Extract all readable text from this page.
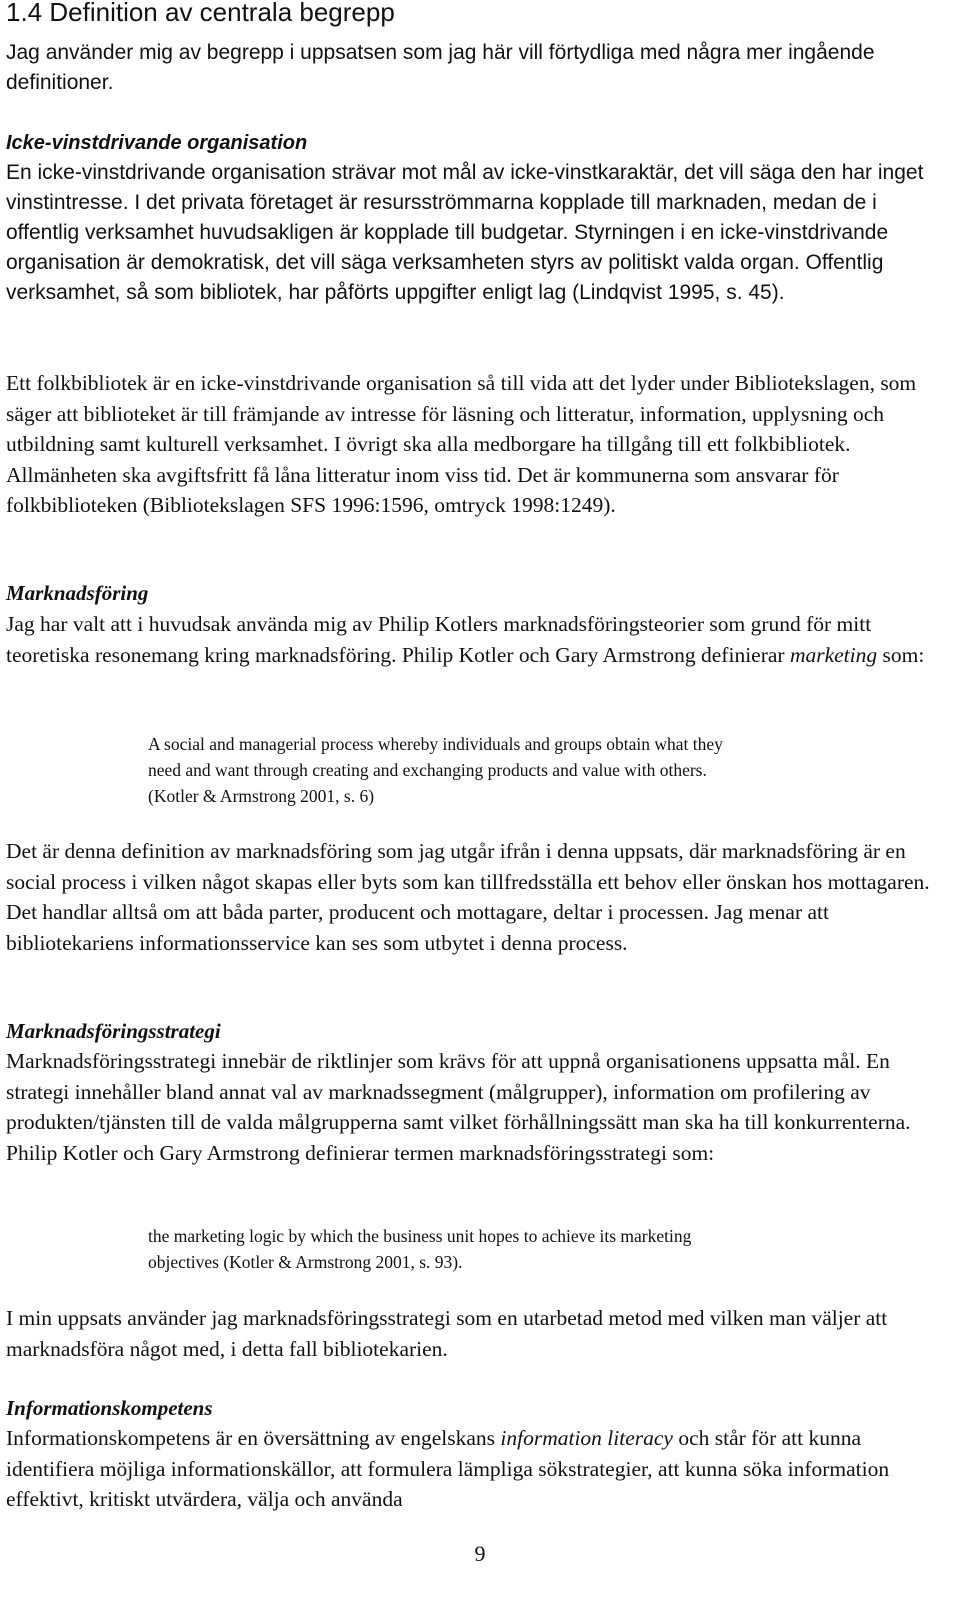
1.4 Definition av centrala begrepp

Jag använder mig av begrepp i uppsatsen som jag här vill förtydliga med några mer ingående definitioner.

Icke-vinstdrivande organisation

En icke-vinstdrivande organisation strävar mot mål av icke-vinstkaraktär, det vill säga den har inget vinstintresse. I det privata företaget är resursströmmarna kopplade till marknaden, medan de i offentlig verksamhet huvudsakligen är kopplade till budgetar. Styrningen i en icke-vinstdrivande organisation är demokratisk, det vill säga verksamheten styrs av politiskt valda organ. Offentlig verksamhet, så som bibliotek, har påförts uppgifter enligt lag (Lindqvist 1995, s. 45).

Ett folkbibliotek är en icke-vinstdrivande organisation så till vida att det lyder under Bibliotekslagen, som säger att biblioteket är till främjande av intresse för läsning och litteratur, information, upplysning och utbildning samt kulturell verksamhet. I övrigt ska alla medborgare ha tillgång till ett folkbibliotek. Allmänheten ska avgiftsfritt få låna litteratur inom viss tid. Det är kommunerna som ansvarar för folkbiblioteken (Bibliotekslagen SFS 1996:1596, omtryck 1998:1249).

Marknadsföring

Jag har valt att i huvudsak använda mig av Philip Kotlers marknadsföringsteorier som grund för mitt teoretiska resonemang kring marknadsföring. Philip Kotler och Gary Armstrong definierar marketing som:

A social and managerial process whereby individuals and groups obtain what they need and want through creating and exchanging products and value with others. (Kotler & Armstrong 2001, s. 6)

Det är denna definition av marknadsföring som jag utgår ifrån i denna uppsats, där marknadsföring är en social process i vilken något skapas eller byts som kan tillfredsställa ett behov eller önskan hos mottagaren. Det handlar alltså om att båda parter, producent och mottagare, deltar i processen. Jag menar att bibliotekariens informationsservice kan ses som utbytet i denna process.

Marknadsföringsstrategi

Marknadsföringsstrategi innebär de riktlinjer som krävs för att uppnå organisationens uppsatta mål. En strategi innehåller bland annat val av marknadssegment (målgrupper), information om profilering av produkten/tjänsten till de valda målgrupperna samt vilket förhållningssätt man ska ha till konkurrenterna. Philip Kotler och Gary Armstrong definierar termen marknadsföringsstrategi som:

the marketing logic by which the business unit hopes to achieve its marketing objectives (Kotler & Armstrong 2001, s. 93).

I min uppsats använder jag marknadsföringsstrategi som en utarbetad metod med vilken man väljer att marknadsföra något med, i detta fall bibliotekarien.

Informationskompetens

Informationskompetens är en översättning av engelskans information literacy och står för att kunna identifiera möjliga informationskällor, att formulera lämpliga sökstrategier, att kunna söka information effektivt, kritiskt utvärdera, välja och använda

9
